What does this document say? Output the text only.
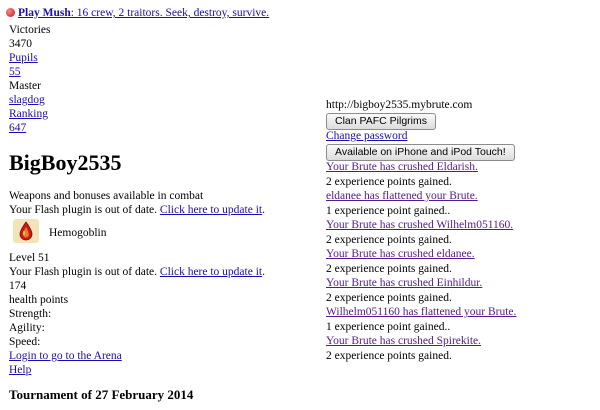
Play Mush: 16 crew, 2 traitors. Seek, destroy, survive.
Victories
3470
Pupils
55
Master
slagdog
Ranking
647
BigBoy2535
Weapons and bonuses available in combat
Your Flash plugin is out of date. Click here to update it.
Hemogoblin
Level 51
Your Flash plugin is out of date. Click here to update it.
174
health points
Strength:
Agility:
Speed:
Login to go to the Arena
Help
Tournament of 27 February 2014
http://bigboy2535.mybrute.com
Clan PAFC Pilgrims
Change password
Available on iPhone and iPod Touch!
Your Brute has crushed Eldarish.
2 experience points gained.
eldanee has flattened your Brute.
1 experience point gained..
Your Brute has crushed Wilhelm051160.
2 experience points gained.
Your Brute has crushed eldanee.
2 experience points gained.
Your Brute has crushed Einhildur.
2 experience points gained.
Wilhelm051160 has flattened your Brute.
1 experience point gained..
Your Brute has crushed Spirekite.
2 experience points gained.
